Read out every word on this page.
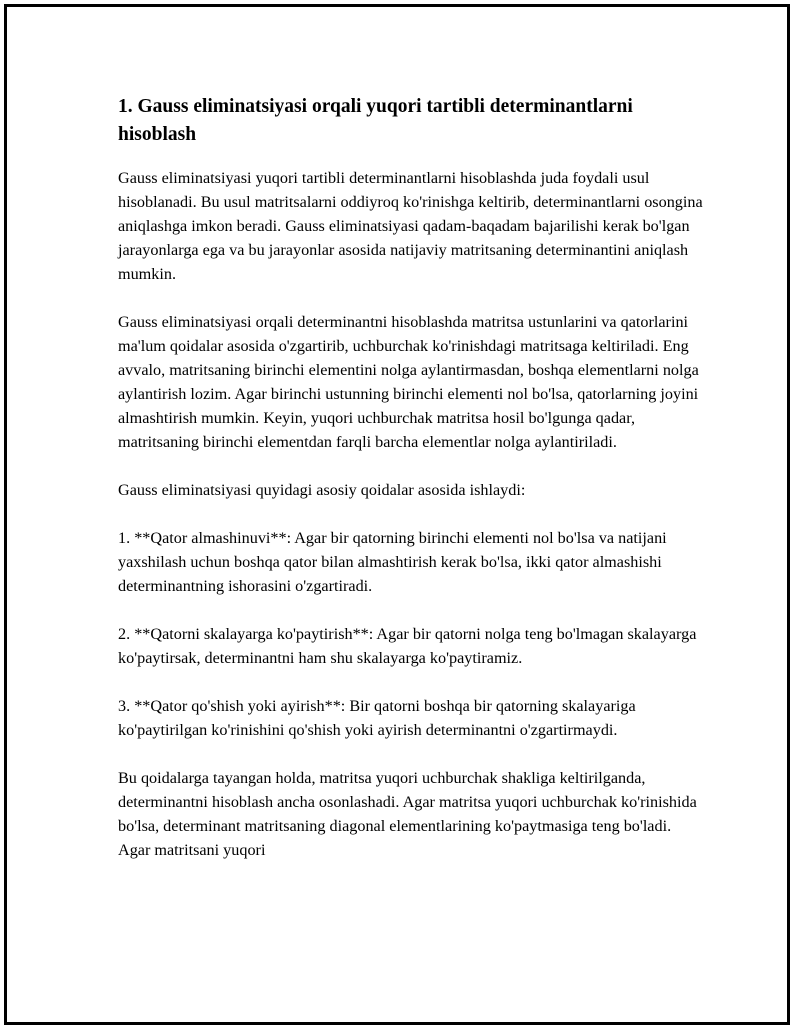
1. Gauss eliminatsiyasi orqali yuqori tartibli determinantlarni hisoblash

Gauss eliminatsiyasi yuqori tartibli determinantlarni hisoblashda juda foydali usul hisoblanadi. Bu usul matritsalarni oddiyroq ko'rinishga keltirib, determinantlarni osongina aniqlashga imkon beradi. Gauss eliminatsiyasi qadam-baqadam bajarilishi kerak bo'lgan jarayonlarga ega va bu jarayonlar asosida natijaviy matritsaning determinantini aniqlash mumkin.

Gauss eliminatsiyasi orqali determinantni hisoblashda matritsa ustunlarini va qatorlarini ma'lum qoidalar asosida o'zgartirib, uchburchak ko'rinishdagi matritsaga keltiriladi. Eng avvalo, matritsaning birinchi elementini nolga aylantirmasdan, boshqa elementlarni nolga aylantirish lozim. Agar birinchi ustunning birinchi elementi nol bo'lsa, qatorlarning joyini almashtirish mumkin. Keyin, yuqori uchburchak matritsa hosil bo'lgunga qadar, matritsaning birinchi elementdan farqli barcha elementlar nolga aylantiriladi.

Gauss eliminatsiyasi quyidagi asosiy qoidalar asosida ishlaydi:

1. **Qator almashinuvi**: Agar bir qatorning birinchi elementi nol bo'lsa va natijani yaxshilash uchun boshqa qator bilan almashtirish kerak bo'lsa, ikki qator almashishi determinantning ishorasini o'zgartiradi.

2. **Qatorni skalayarga ko'paytirish**: Agar bir qatorni nolga teng bo'lmagan skalayarga ko'paytirsak, determinantni ham shu skalayarga ko'paytiramiz.

3. **Qator qo'shish yoki ayirish**: Bir qatorni boshqa bir qatorning skalayariga ko'paytirilgan ko'rinishini qo'shish yoki ayirish determinantni o'zgartirmaydi.

Bu qoidalarga tayangan holda, matritsa yuqori uchburchak shakliga keltirilganda, determinantni hisoblash ancha osonlashadi. Agar matritsa yuqori uchburchak ko'rinishida bo'lsa, determinant matritsaning diagonal elementlarining ko'paytmasiga teng bo'ladi. Agar matritsani yuqori
